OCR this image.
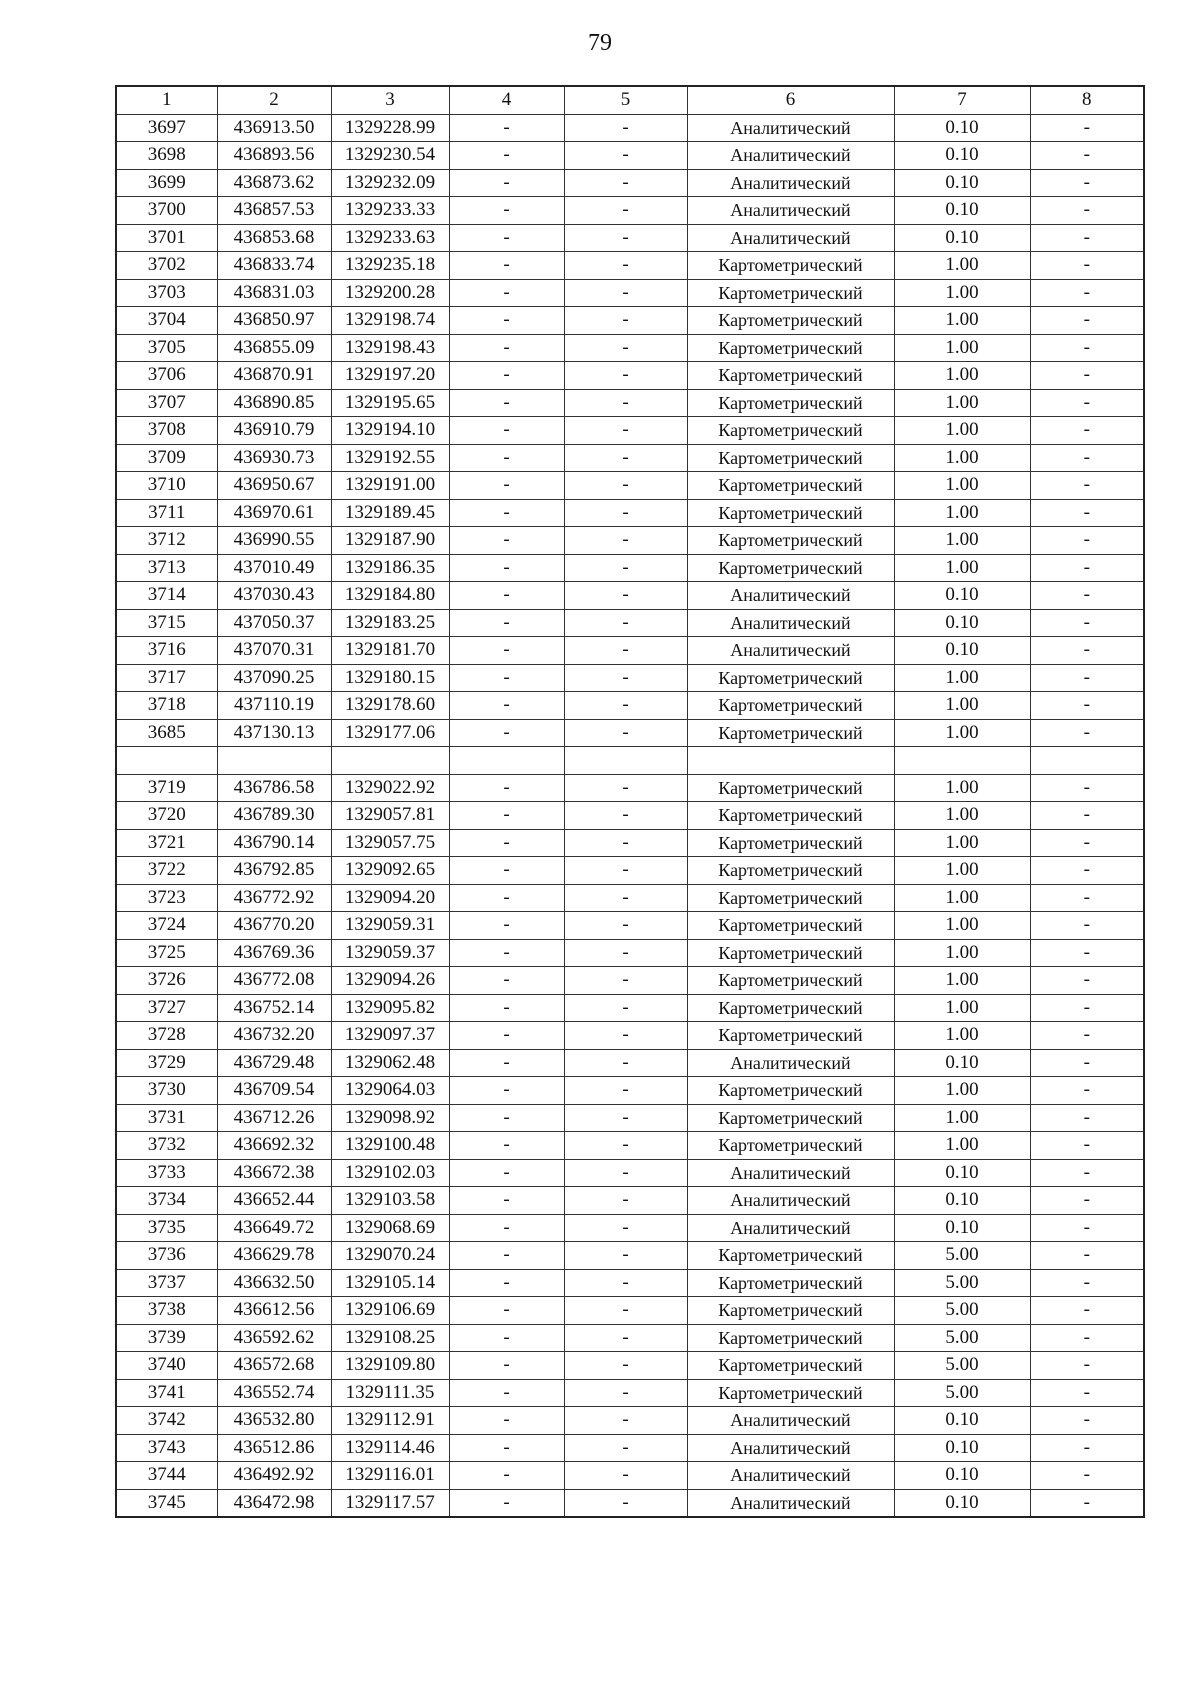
79
1	2	3	4	5	6	7	8
3697	436913.50	1329228.99	-	-	Аналитический	0.10	-
3698	436893.56	1329230.54	-	-	Аналитический	0.10	-
3699	436873.62	1329232.09	-	-	Аналитический	0.10	-
3700	436857.53	1329233.33	-	-	Аналитический	0.10	-
3701	436853.68	1329233.63	-	-	Аналитический	0.10	-
3702	436833.74	1329235.18	-	-	Картометрический	1.00	-
3703	436831.03	1329200.28	-	-	Картометрический	1.00	-
3704	436850.97	1329198.74	-	-	Картометрический	1.00	-
3705	436855.09	1329198.43	-	-	Картометрический	1.00	-
3706	436870.91	1329197.20	-	-	Картометрический	1.00	-
3707	436890.85	1329195.65	-	-	Картометрический	1.00	-
3708	436910.79	1329194.10	-	-	Картометрический	1.00	-
3709	436930.73	1329192.55	-	-	Картометрический	1.00	-
3710	436950.67	1329191.00	-	-	Картометрический	1.00	-
3711	436970.61	1329189.45	-	-	Картометрический	1.00	-
3712	436990.55	1329187.90	-	-	Картометрический	1.00	-
3713	437010.49	1329186.35	-	-	Картометрический	1.00	-
3714	437030.43	1329184.80	-	-	Аналитический	0.10	-
3715	437050.37	1329183.25	-	-	Аналитический	0.10	-
3716	437070.31	1329181.70	-	-	Аналитический	0.10	-
3717	437090.25	1329180.15	-	-	Картометрический	1.00	-
3718	437110.19	1329178.60	-	-	Картометрический	1.00	-
3685	437130.13	1329177.06	-	-	Картометрический	1.00	-

3719	436786.58	1329022.92	-	-	Картометрический	1.00	-
3720	436789.30	1329057.81	-	-	Картометрический	1.00	-
3721	436790.14	1329057.75	-	-	Картометрический	1.00	-
3722	436792.85	1329092.65	-	-	Картометрический	1.00	-
3723	436772.92	1329094.20	-	-	Картометрический	1.00	-
3724	436770.20	1329059.31	-	-	Картометрический	1.00	-
3725	436769.36	1329059.37	-	-	Картометрический	1.00	-
3726	436772.08	1329094.26	-	-	Картометрический	1.00	-
3727	436752.14	1329095.82	-	-	Картометрический	1.00	-
3728	436732.20	1329097.37	-	-	Картометрический	1.00	-
3729	436729.48	1329062.48	-	-	Аналитический	0.10	-
3730	436709.54	1329064.03	-	-	Картометрический	1.00	-
3731	436712.26	1329098.92	-	-	Картометрический	1.00	-
3732	436692.32	1329100.48	-	-	Картометрический	1.00	-
3733	436672.38	1329102.03	-	-	Аналитический	0.10	-
3734	436652.44	1329103.58	-	-	Аналитический	0.10	-
3735	436649.72	1329068.69	-	-	Аналитический	0.10	-
3736	436629.78	1329070.24	-	-	Картометрический	5.00	-
3737	436632.50	1329105.14	-	-	Картометрический	5.00	-
3738	436612.56	1329106.69	-	-	Картометрический	5.00	-
3739	436592.62	1329108.25	-	-	Картометрический	5.00	-
3740	436572.68	1329109.80	-	-	Картометрический	5.00	-
3741	436552.74	1329111.35	-	-	Картометрический	5.00	-
3742	436532.80	1329112.91	-	-	Аналитический	0.10	-
3743	436512.86	1329114.46	-	-	Аналитический	0.10	-
3744	436492.92	1329116.01	-	-	Аналитический	0.10	-
3745	436472.98	1329117.57	-	-	Аналитический	0.10	-
